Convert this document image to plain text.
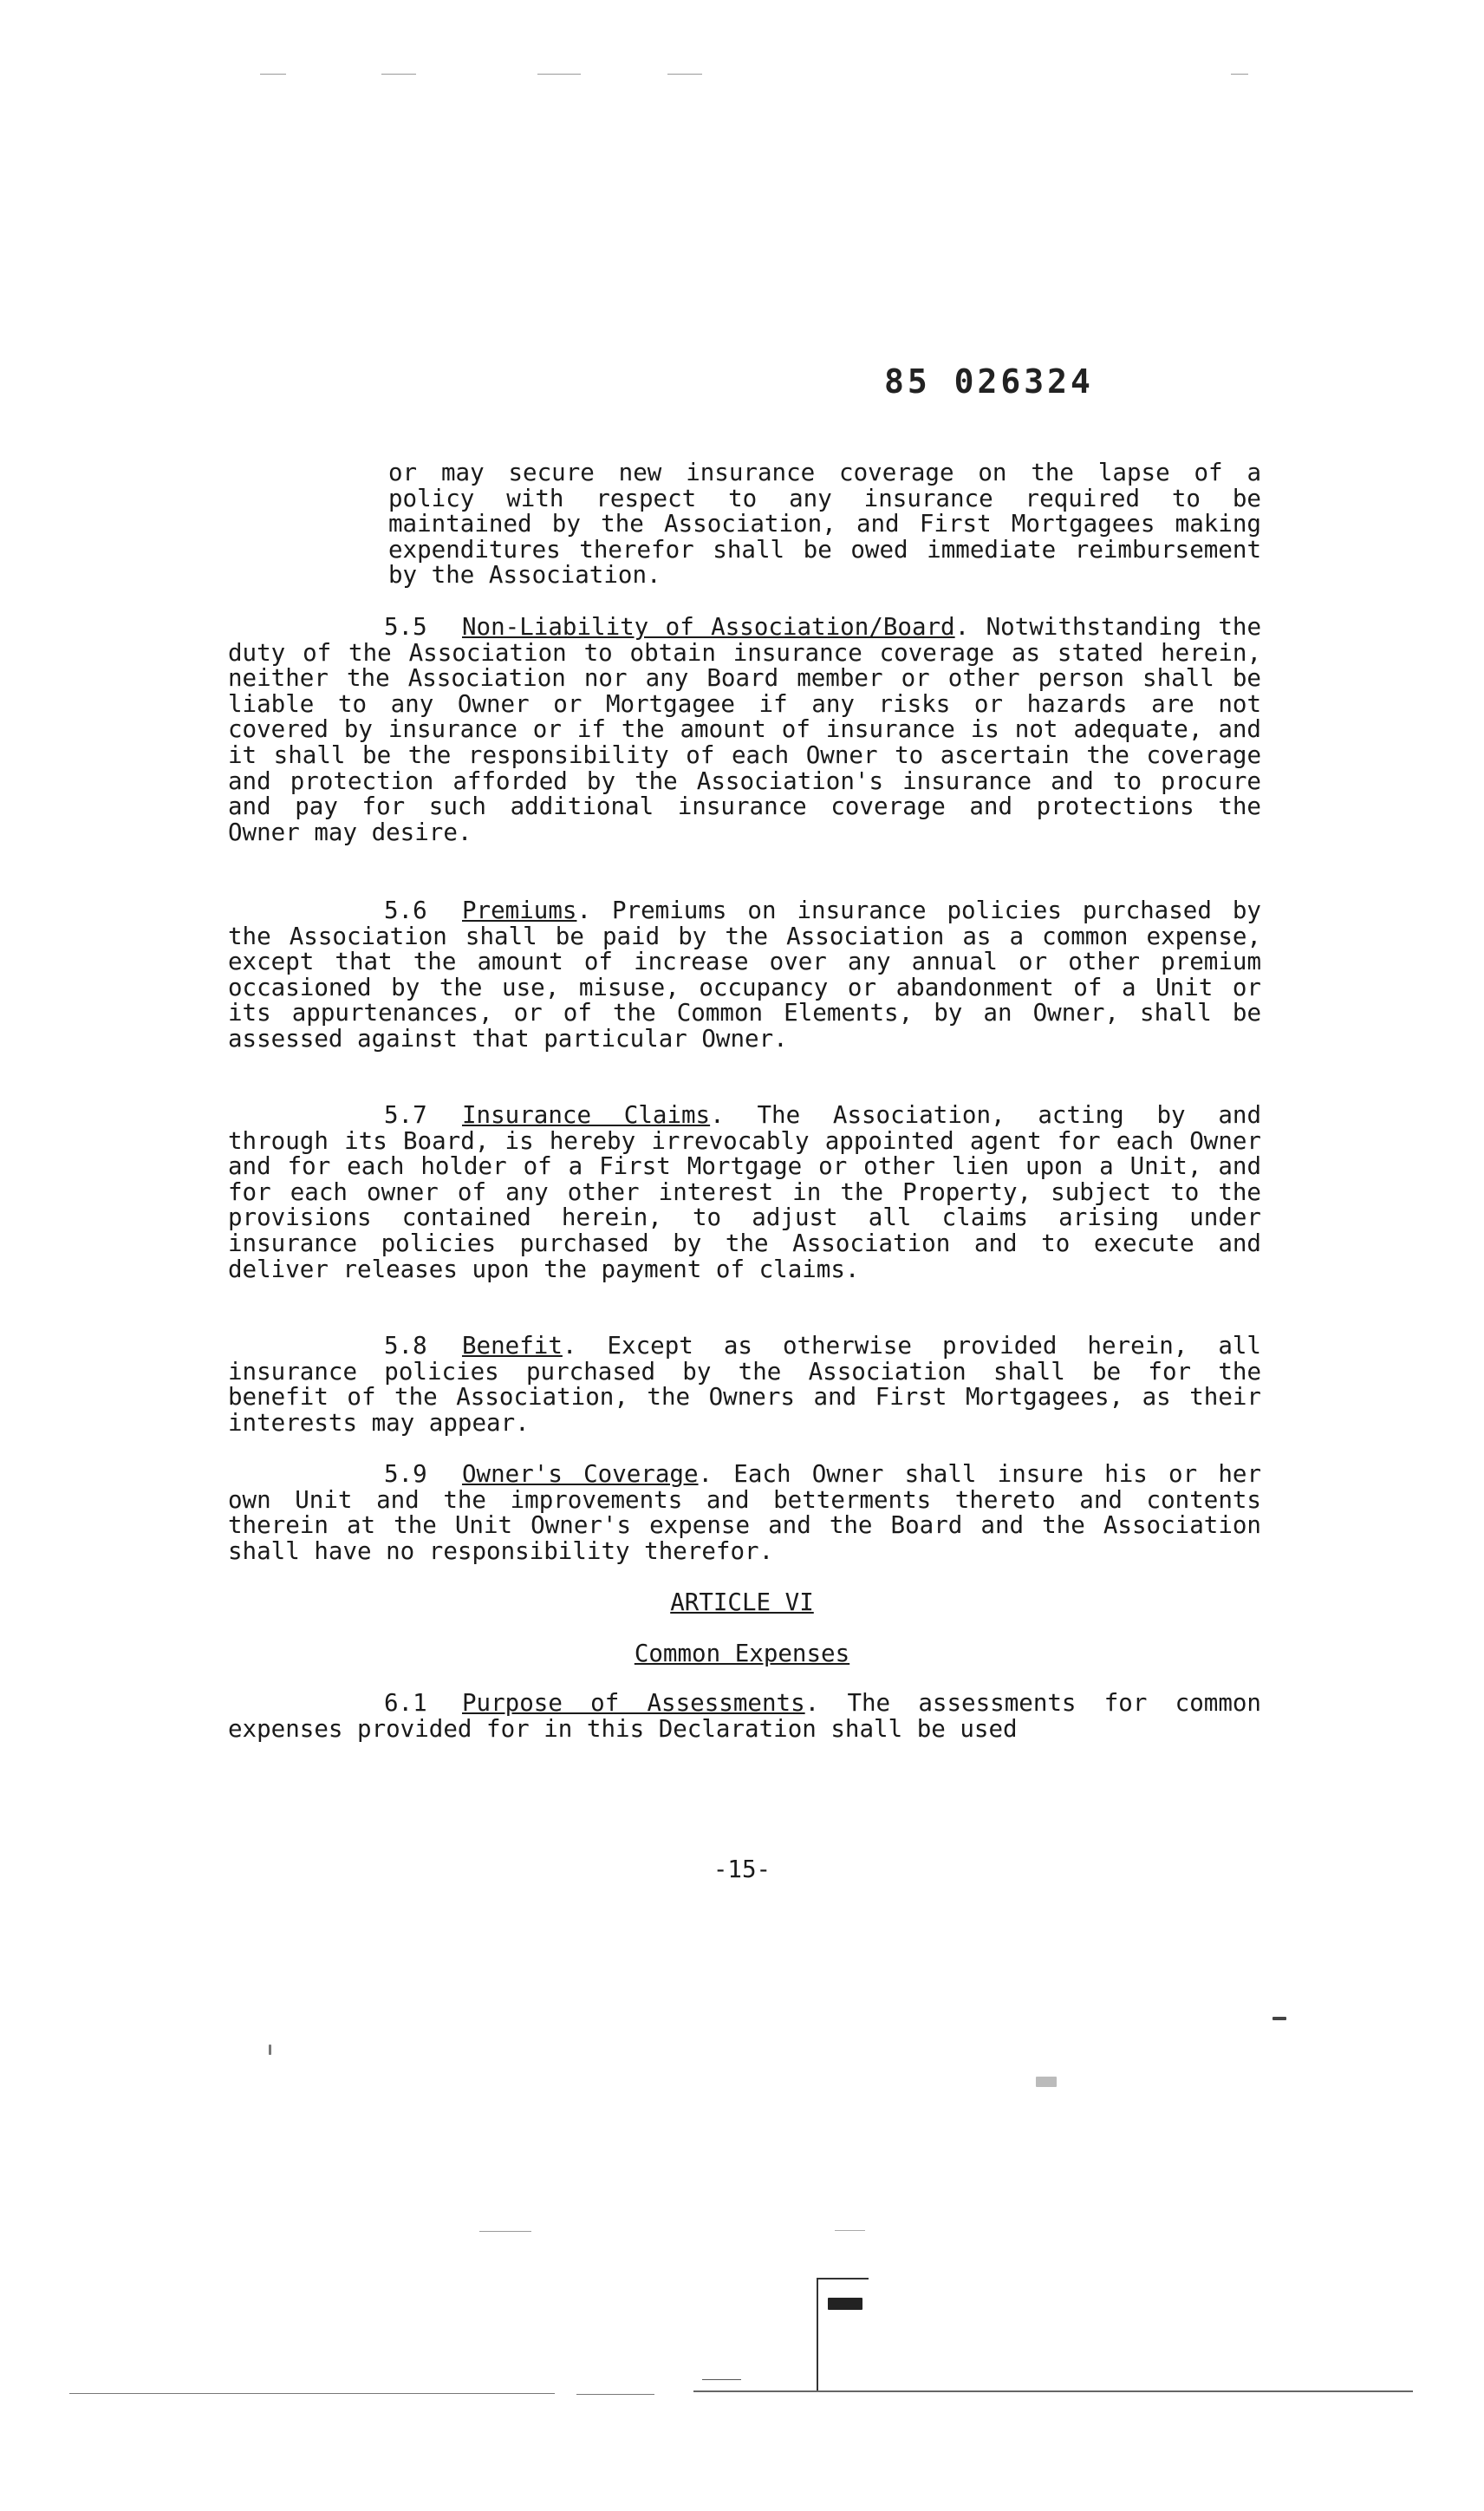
85 026324

or may secure new insurance coverage on the lapse of a policy with respect to any insurance required to be maintained by the Association, and First Mortgagees making expenditures therefor shall be owed immediate reimbursement by the Association.

5.5 Non-Liability of Association/Board. Notwithstanding the duty of the Association to obtain insurance coverage as stated herein, neither the Association nor any Board member or other person shall be liable to any Owner or Mortgagee if any risks or hazards are not covered by insurance or if the amount of insurance is not adequate, and it shall be the responsibility of each Owner to ascertain the coverage and protection afforded by the Association's insurance and to procure and pay for such additional insurance coverage and protections the Owner may desire.

5.6 Premiums. Premiums on insurance policies purchased by the Association shall be paid by the Association as a common expense, except that the amount of increase over any annual or other premium occasioned by the use, misuse, occupancy or abandonment of a Unit or its appurtenances, or of the Common Elements, by an Owner, shall be assessed against that particular Owner.

5.7 Insurance Claims. The Association, acting by and through its Board, is hereby irrevocably appointed agent for each Owner and for each holder of a First Mortgage or other lien upon a Unit, and for each owner of any other interest in the Property, subject to the provisions contained herein, to adjust all claims arising under insurance policies purchased by the Association and to execute and deliver releases upon the payment of claims.

5.8 Benefit. Except as otherwise provided herein, all insurance policies purchased by the Association shall be for the benefit of the Association, the Owners and First Mortgagees, as their interests may appear.

5.9 Owner's Coverage. Each Owner shall insure his or her own Unit and the improvements and betterments thereto and contents therein at the Unit Owner's expense and the Board and the Association shall have no responsibility therefor.

ARTICLE VI
Common Expenses

6.1 Purpose of Assessments. The assessments for common expenses provided for in this Declaration shall be used

-15-
